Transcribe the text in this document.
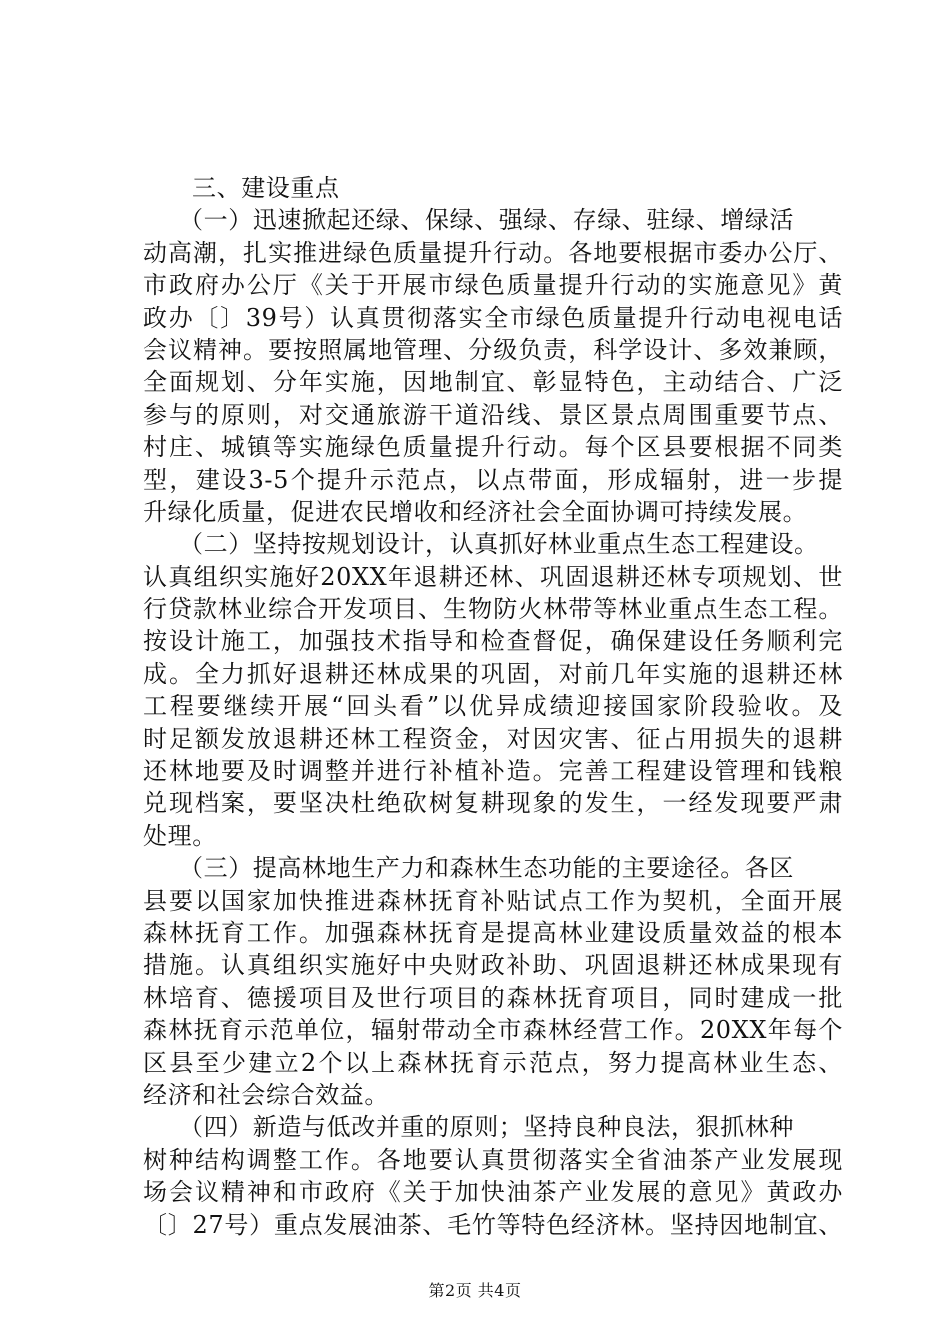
三、建设重点
（一）迅速掀起还绿、保绿、强绿、存绿、驻绿、增绿活
动高潮，扎实推进绿色质量提升行动。各地要根据市委办公厅、
市政府办公厅《关于开展市绿色质量提升行动的实施意见》黄
政办〔〕39号）认真贯彻落实全市绿色质量提升行动电视电话
会议精神。要按照属地管理、分级负责，科学设计、多效兼顾，
全面规划、分年实施，因地制宜、彰显特色，主动结合、广泛
参与的原则，对交通旅游干道沿线、景区景点周围重要节点、
村庄、城镇等实施绿色质量提升行动。每个区县要根据不同类
型，建设3-5个提升示范点，以点带面，形成辐射，进一步提
升绿化质量，促进农民增收和经济社会全面协调可持续发展。
（二）坚持按规划设计，认真抓好林业重点生态工程建设。
认真组织实施好20XX年退耕还林、巩固退耕还林专项规划、世
行贷款林业综合开发项目、生物防火林带等林业重点生态工程。
按设计施工，加强技术指导和检查督促，确保建设任务顺利完
成。全力抓好退耕还林成果的巩固，对前几年实施的退耕还林
工程要继续开展“回头看”以优异成绩迎接国家阶段验收。及
时足额发放退耕还林工程资金，对因灾害、征占用损失的退耕
还林地要及时调整并进行补植补造。完善工程建设管理和钱粮
兑现档案，要坚决杜绝砍树复耕现象的发生，一经发现要严肃
处理。
（三）提高林地生产力和森林生态功能的主要途径。各区
县要以国家加快推进森林抚育补贴试点工作为契机，全面开展
森林抚育工作。加强森林抚育是提高林业建设质量效益的根本
措施。认真组织实施好中央财政补助、巩固退耕还林成果现有
林培育、德援项目及世行项目的森林抚育项目，同时建成一批
森林抚育示范单位，辐射带动全市森林经营工作。20XX年每个
区县至少建立2个以上森林抚育示范点，努力提高林业生态、
经济和社会综合效益。
（四）新造与低改并重的原则；坚持良种良法，狠抓林种
树种结构调整工作。各地要认真贯彻落实全省油茶产业发展现
场会议精神和市政府《关于加快油茶产业发展的意见》黄政办
〔〕27号）重点发展油茶、毛竹等特色经济林。坚持因地制宜、
第2页 共4页
